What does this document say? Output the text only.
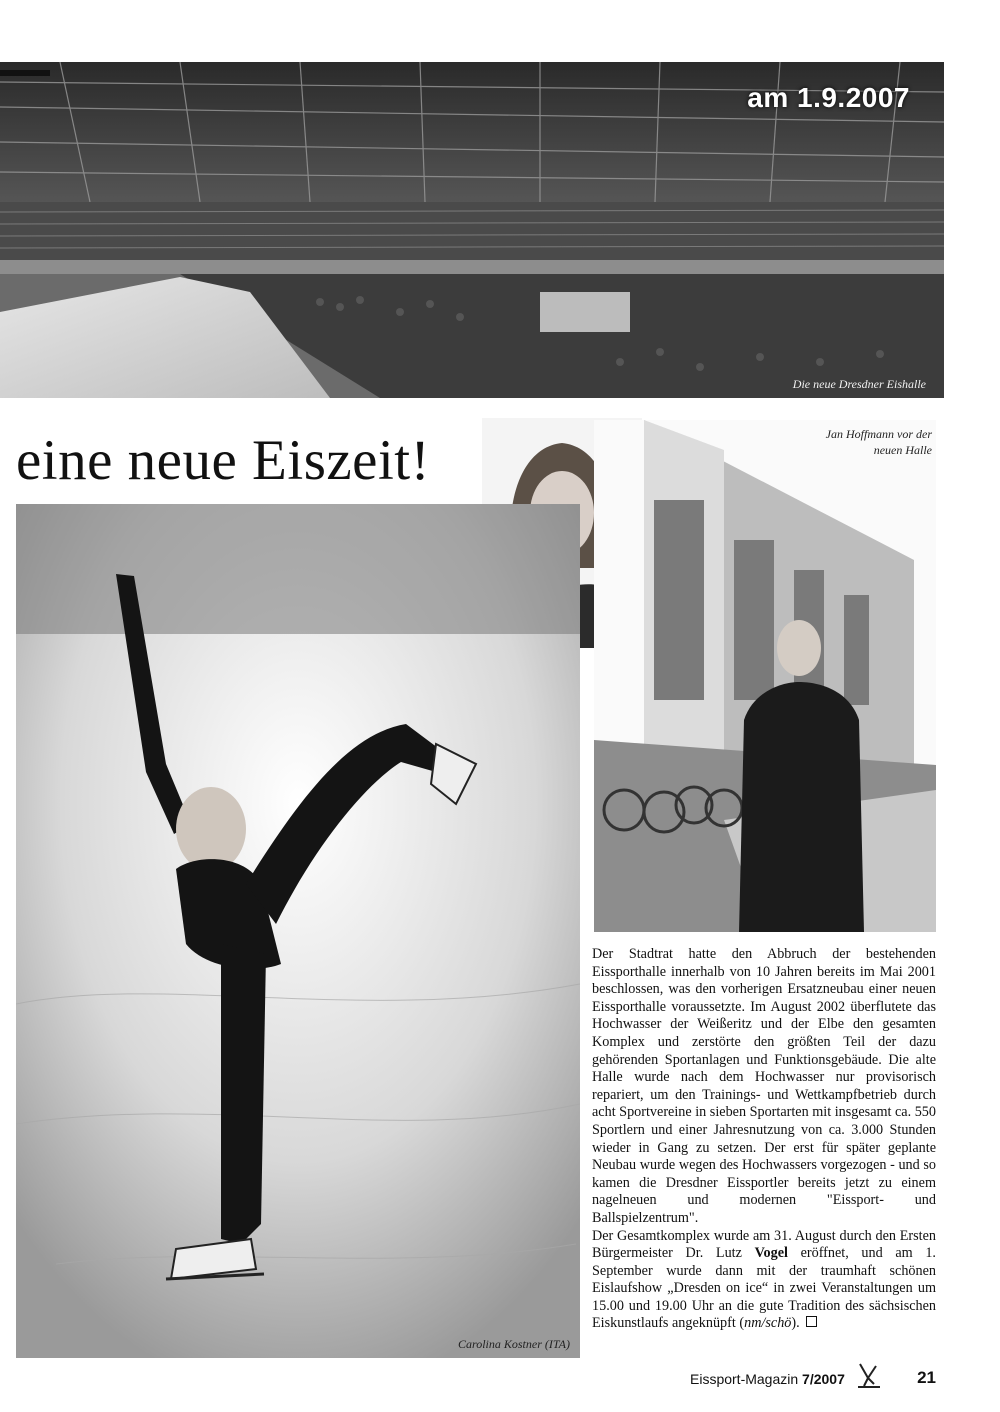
am 1.9.2007
Die neue Dresdner Eishalle
eine neue Eiszeit!	Jan Hoffmann vor der
neuen Halle
Carolina Kostner (ITA)

Der Stadtrat hatte den Abbruch der bestehenden Eissporthalle innerhalb von 10 Jahren bereits im Mai 2001 beschlossen, was den vorherigen Ersatzneubau einer neuen Eissporthalle voraussetzte. Im August 2002 überflutete das Hochwasser der Weißeritz und der Elbe den gesamten Komplex und zerstörte den größten Teil der dazu gehörenden Sportanlagen und Funktionsgebäude. Die alte Halle wurde nach dem Hochwasser nur provisorisch repariert, um den Trainings- und Wettkampfbetrieb durch acht Sportvereine in sieben Sportarten mit insgesamt ca. 550 Sportlern und einer Jahresnutzung von ca. 3.000 Stunden wieder in Gang zu setzen. Der erst für später geplante Neubau wurde wegen des Hochwassers vorgezogen - und so kamen die Dresdner Eissportler bereits jetzt zu einem nagelneuen und modernen "Eissport- und Ballspielzentrum".

Der Gesamtkomplex wurde am 31. August durch den Ersten Bürgermeister Dr. Lutz Vogel eröffnet, und am 1. September wurde dann mit der traumhaft schönen Eislaufshow „Dresden on ice“ in zwei Veranstaltungen um 15.00 und 19.00 Uhr an die gute Tradition des sächsischen Eiskunstlaufs angeknüpft (nm/schö).

Eissport-Magazin 7/2007	21
